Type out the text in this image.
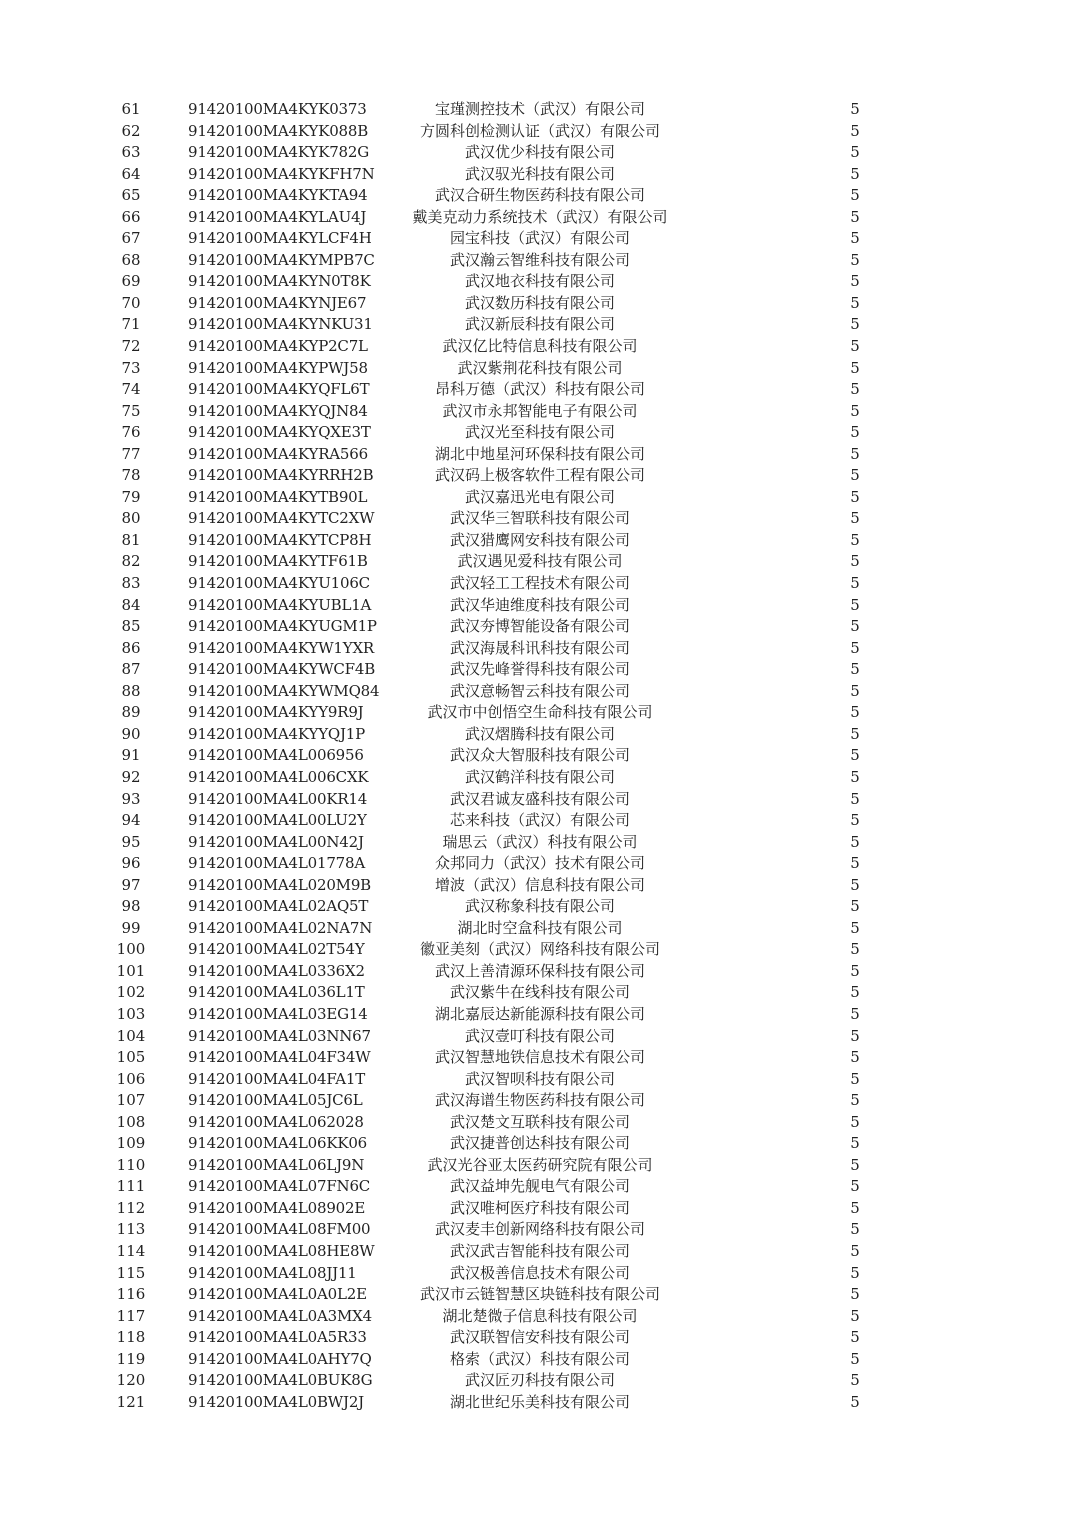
61	91420100MA4KYK0373	宝瑾测控技术（武汉）有限公司	5
62	91420100MA4KYK088B	方圆科创检测认证（武汉）有限公司	5
63	91420100MA4KYK782G	武汉优少科技有限公司	5
64	91420100MA4KYKFH7N	武汉驭光科技有限公司	5
65	91420100MA4KYKTA94	武汉合研生物医药科技有限公司	5
66	91420100MA4KYLAU4J	戴美克动力系统技术（武汉）有限公司	5
67	91420100MA4KYLCF4H	园宝科技（武汉）有限公司	5
68	91420100MA4KYMPB7C	武汉瀚云智维科技有限公司	5
69	91420100MA4KYN0T8K	武汉地衣科技有限公司	5
70	91420100MA4KYNJE67	武汉数历科技有限公司	5
71	91420100MA4KYNKU31	武汉新辰科技有限公司	5
72	91420100MA4KYP2C7L	武汉亿比特信息科技有限公司	5
73	91420100MA4KYPWJ58	武汉紫荆花科技有限公司	5
74	91420100MA4KYQFL6T	昂科万德（武汉）科技有限公司	5
75	91420100MA4KYQJN84	武汉市永邦智能电子有限公司	5
76	91420100MA4KYQXE3T	武汉光至科技有限公司	5
77	91420100MA4KYRA566	湖北中地星河环保科技有限公司	5
78	91420100MA4KYRRH2B	武汉码上极客软件工程有限公司	5
79	91420100MA4KYTB90L	武汉嘉迅光电有限公司	5
80	91420100MA4KYTC2XW	武汉华三智联科技有限公司	5
81	91420100MA4KYTCP8H	武汉猎鹰网安科技有限公司	5
82	91420100MA4KYTF61B	武汉遇见爱科技有限公司	5
83	91420100MA4KYU106C	武汉轻工工程技术有限公司	5
84	91420100MA4KYUBL1A	武汉华迪维度科技有限公司	5
85	91420100MA4KYUGM1P	武汉夯博智能设备有限公司	5
86	91420100MA4KYW1YXR	武汉海晟科讯科技有限公司	5
87	91420100MA4KYWCF4B	武汉先峰誉得科技有限公司	5
88	91420100MA4KYWMQ84	武汉意畅智云科技有限公司	5
89	91420100MA4KYY9R9J	武汉市中创悟空生命科技有限公司	5
90	91420100MA4KYYQJ1P	武汉熠腾科技有限公司	5
91	91420100MA4L006956	武汉众大智服科技有限公司	5
92	91420100MA4L006CXK	武汉鹤洋科技有限公司	5
93	91420100MA4L00KR14	武汉君诚友盛科技有限公司	5
94	91420100MA4L00LU2Y	芯来科技（武汉）有限公司	5
95	91420100MA4L00N42J	瑞思云（武汉）科技有限公司	5
96	91420100MA4L01778A	众邦同力（武汉）技术有限公司	5
97	91420100MA4L020M9B	增波（武汉）信息科技有限公司	5
98	91420100MA4L02AQ5T	武汉称象科技有限公司	5
99	91420100MA4L02NA7N	湖北时空盒科技有限公司	5
100	91420100MA4L02T54Y	徽亚美刻（武汉）网络科技有限公司	5
101	91420100MA4L0336X2	武汉上善清源环保科技有限公司	5
102	91420100MA4L036L1T	武汉紫牛在线科技有限公司	5
103	91420100MA4L03EG14	湖北嘉辰达新能源科技有限公司	5
104	91420100MA4L03NN67	武汉壹叮科技有限公司	5
105	91420100MA4L04F34W	武汉智慧地铁信息技术有限公司	5
106	91420100MA4L04FA1T	武汉智呗科技有限公司	5
107	91420100MA4L05JC6L	武汉海谱生物医药科技有限公司	5
108	91420100MA4L062028	武汉楚文互联科技有限公司	5
109	91420100MA4L06KK06	武汉捷普创达科技有限公司	5
110	91420100MA4L06LJ9N	武汉光谷亚太医药研究院有限公司	5
111	91420100MA4L07FN6C	武汉益坤先舰电气有限公司	5
112	91420100MA4L08902E	武汉唯柯医疗科技有限公司	5
113	91420100MA4L08FM00	武汉麦丰创新网络科技有限公司	5
114	91420100MA4L08HE8W	武汉武吉智能科技有限公司	5
115	91420100MA4L08JJ11	武汉极善信息技术有限公司	5
116	91420100MA4L0A0L2E	武汉市云链智慧区块链科技有限公司	5
117	91420100MA4L0A3MX4	湖北楚微子信息科技有限公司	5
118	91420100MA4L0A5R33	武汉联智信安科技有限公司	5
119	91420100MA4L0AHY7Q	格索（武汉）科技有限公司	5
120	91420100MA4L0BUK8G	武汉匠刃科技有限公司	5
121	91420100MA4L0BWJ2J	湖北世纪乐美科技有限公司	5
